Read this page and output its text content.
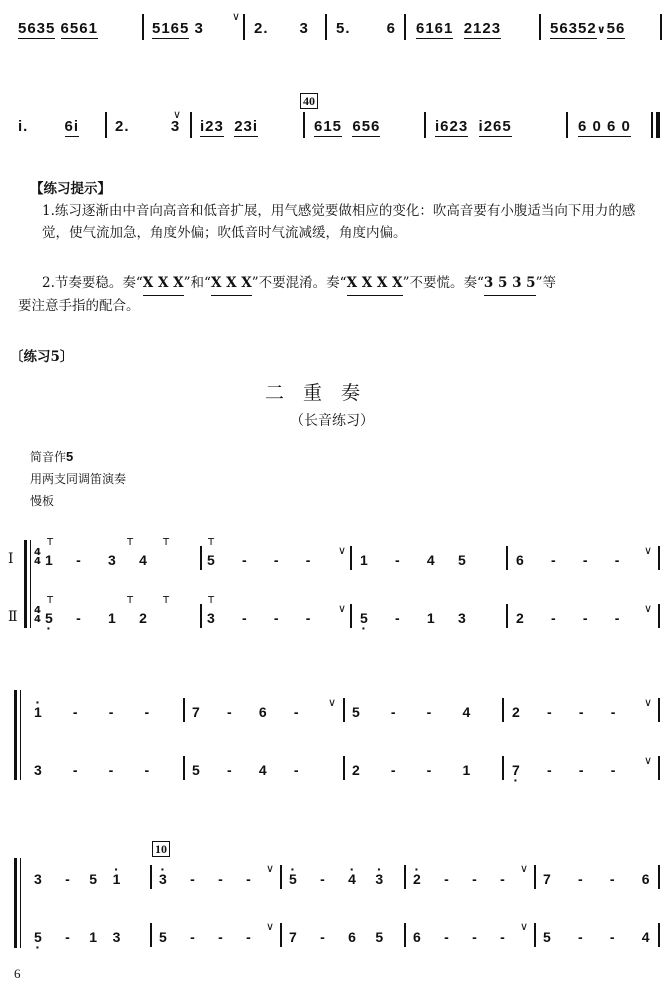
5635 6561	5165 3
∨
2.      3 5.       6 6161 2123	56352∨56
40
i.       6i 2.        3
∨
i23 23i	615 656	i623 i265	6 0 6 0
【练习提示】
1.练习逐渐由中音向高音和低音扩展，用气感觉要做相应的变化：吹高音要有小腹适当向下用力的感觉，使气流加急，角度外偏；吹低音时气流减缓，角度内偏。
2.节奏要稳。奏“X X X”和“X X X”不要混淆。奏“X X X X”不要慌。奏“3 5 3 5”等
要注意手指的配合。
〔练习5〕
二　重　奏
（长音练习）
简音作5
用两支同调笛演奏
慢板
Ⅰ
Ⅱ
4
4
4
4
T	T	T	T
1      -       3      4	5       -       -       -
∨
1       -       4      5	6       -       -       -
∨
T	T	T	T
5 ·      -       1      2	3       -       -       -
∨
5 ·       -       1      3	2       -       -       -
∨
· 1        -        -        -	7       -       6       -
∨
5        -        -        4	2       -       -       -
∨
3        -        -        -	5       -       4       -	2        -        -        1	7 ·       -       -       -
∨
10
3      -     5    · 1	· 3      -      -      -
∨
· 5      -      · 4 · 3 · 2      -      -      -
∨
7       -       -       6
5 ·      -     1    3	5      -      -      -
∨
7      -      6     5 6      -      -      -
∨
5       -       -       4
6
